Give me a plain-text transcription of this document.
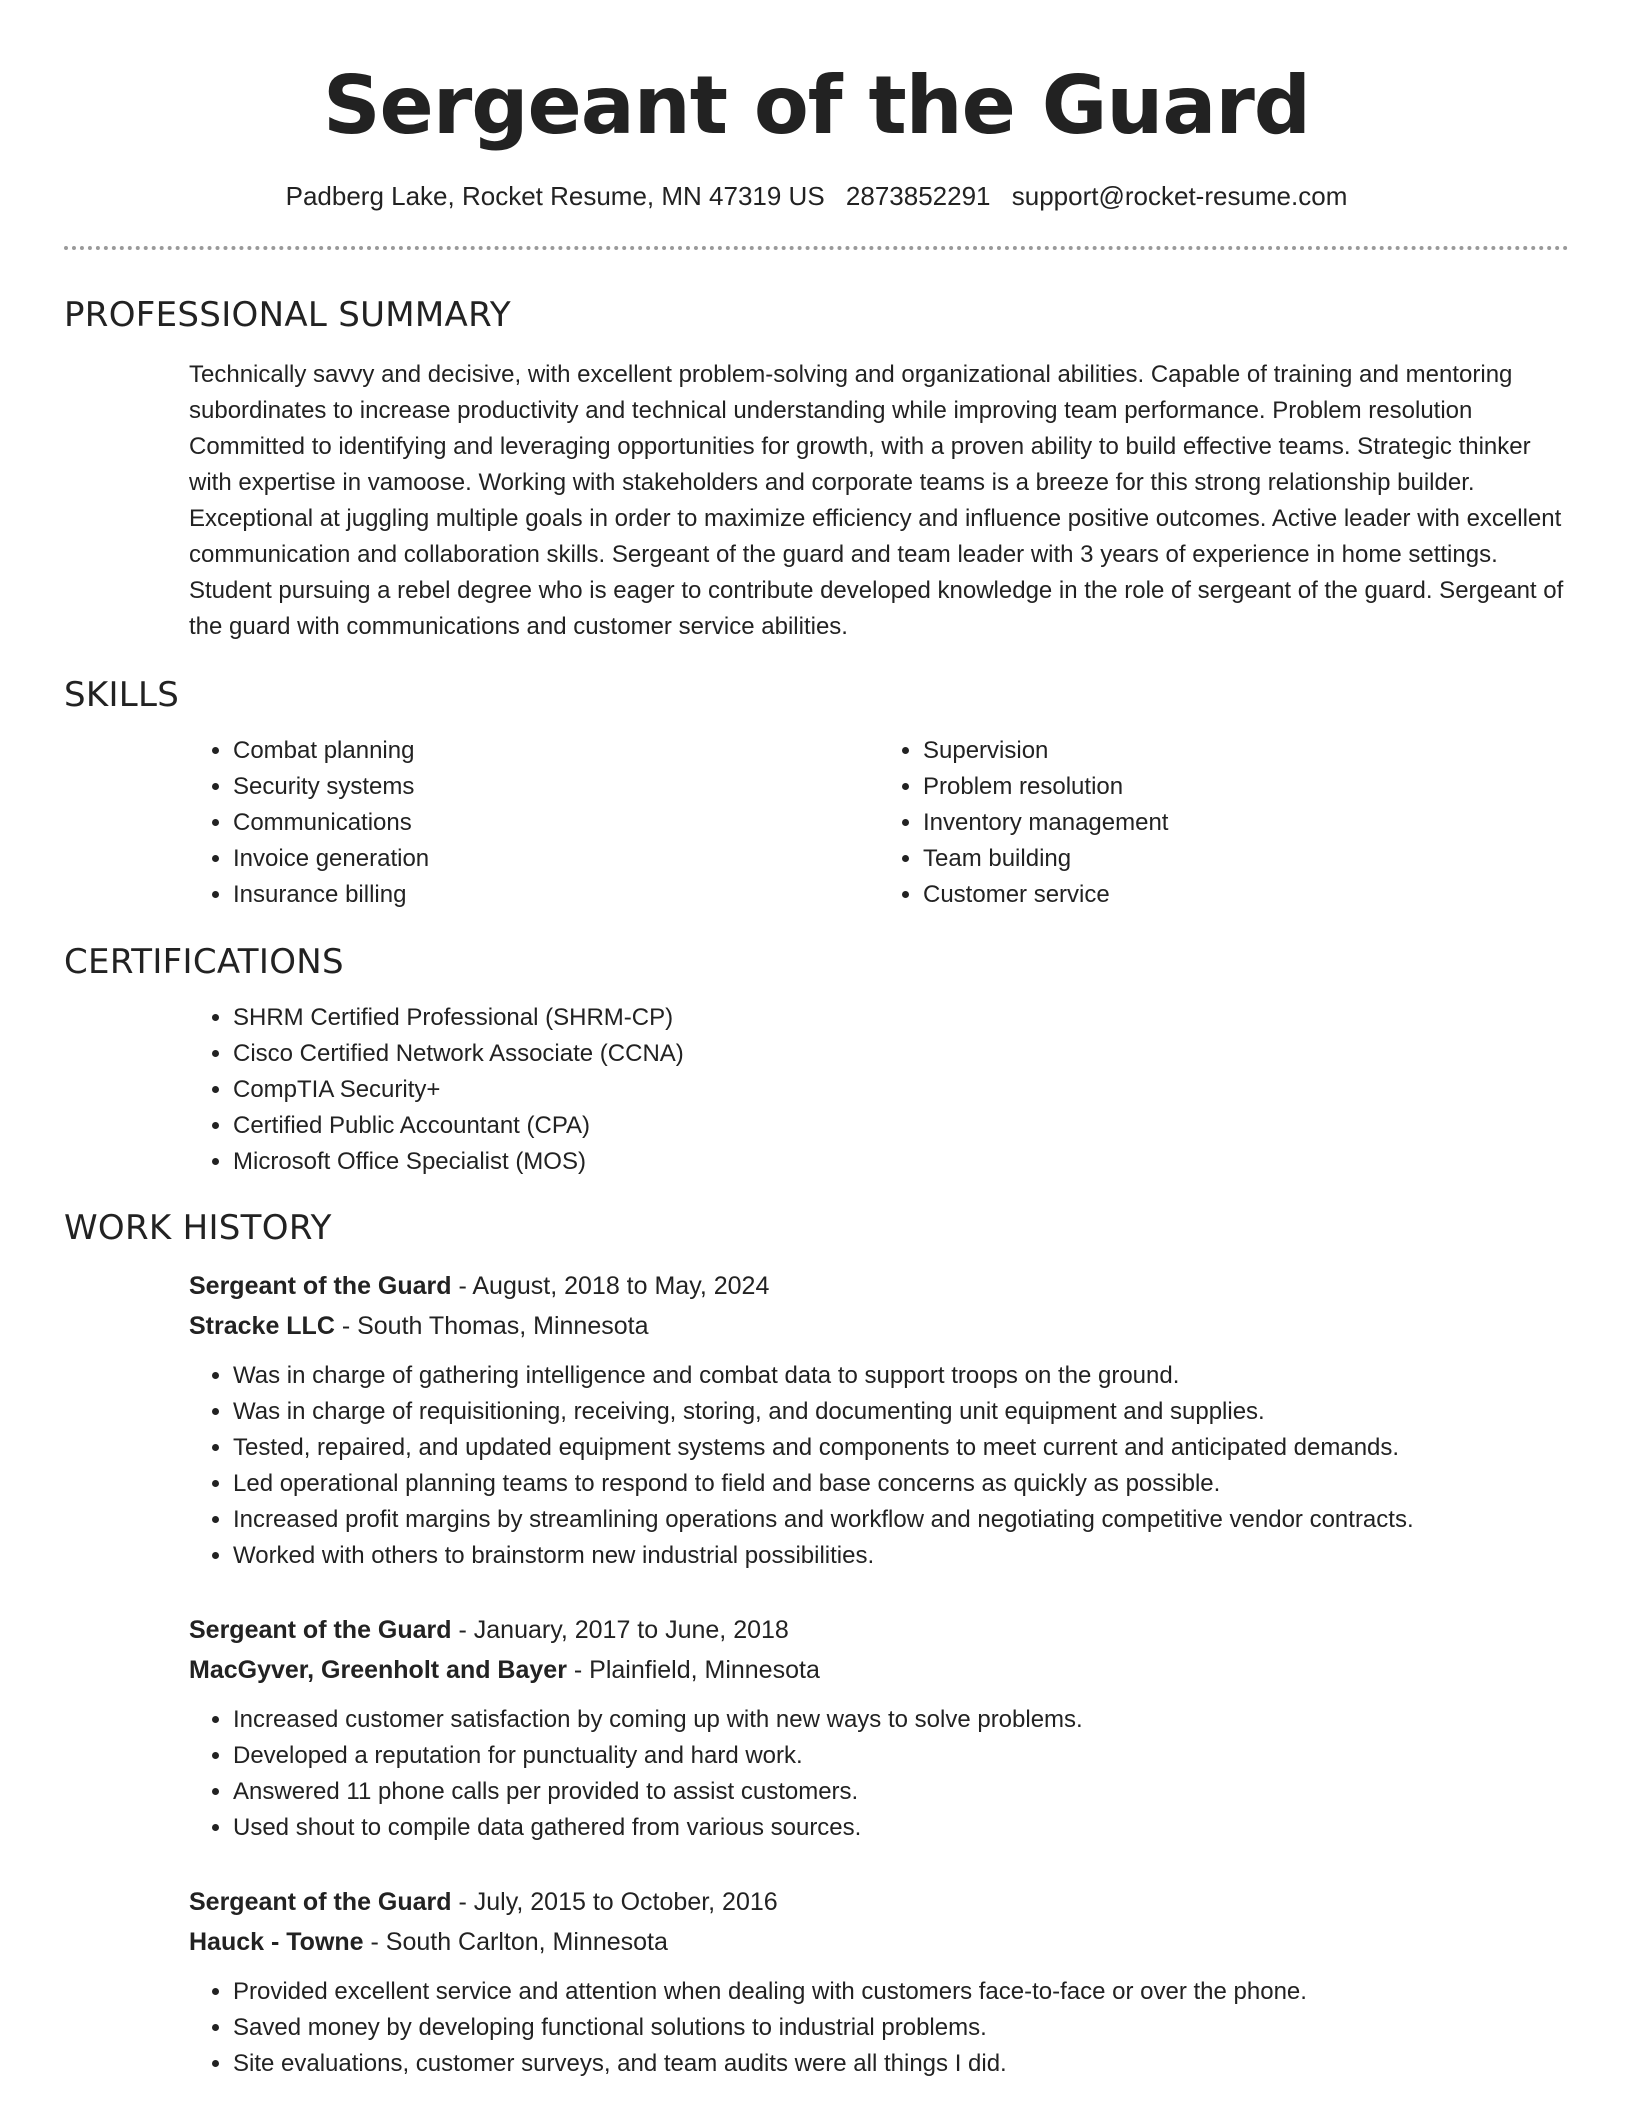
Sergeant of the Guard
Padberg Lake, Rocket Resume, MN 47319 US 2873852291 support@rocket-resume.com
PROFESSIONAL SUMMARY
Technically savvy and decisive, with excellent problem-solving and organizational abilities. Capable of training and mentoring subordinates to increase productivity and technical understanding while improving team performance. Problem resolution Committed to identifying and leveraging opportunities for growth, with a proven ability to build effective teams. Strategic thinker with expertise in vamoose. Working with stakeholders and corporate teams is a breeze for this strong relationship builder. Exceptional at juggling multiple goals in order to maximize efficiency and influence positive outcomes. Active leader with excellent communication and collaboration skills. Sergeant of the guard and team leader with 3 years of experience in home settings. Student pursuing a rebel degree who is eager to contribute developed knowledge in the role of sergeant of the guard. Sergeant of the guard with communications and customer service abilities.
SKILLS
• Combat planning
• Security systems
• Communications
• Invoice generation
• Insurance billing
• Supervision
• Problem resolution
• Inventory management
• Team building
• Customer service
CERTIFICATIONS
• SHRM Certified Professional (SHRM-CP)
• Cisco Certified Network Associate (CCNA)
• CompTIA Security+
• Certified Public Accountant (CPA)
• Microsoft Office Specialist (MOS)
WORK HISTORY
Sergeant of the Guard - August, 2018 to May, 2024
Stracke LLC - South Thomas, Minnesota
• Was in charge of gathering intelligence and combat data to support troops on the ground.
• Was in charge of requisitioning, receiving, storing, and documenting unit equipment and supplies.
• Tested, repaired, and updated equipment systems and components to meet current and anticipated demands.
• Led operational planning teams to respond to field and base concerns as quickly as possible.
• Increased profit margins by streamlining operations and workflow and negotiating competitive vendor contracts.
• Worked with others to brainstorm new industrial possibilities.
Sergeant of the Guard - January, 2017 to June, 2018
MacGyver, Greenholt and Bayer - Plainfield, Minnesota
• Increased customer satisfaction by coming up with new ways to solve problems.
• Developed a reputation for punctuality and hard work.
• Answered 11 phone calls per provided to assist customers.
• Used shout to compile data gathered from various sources.
Sergeant of the Guard - July, 2015 to October, 2016
Hauck - Towne - South Carlton, Minnesota
• Provided excellent service and attention when dealing with customers face-to-face or over the phone.
• Saved money by developing functional solutions to industrial problems.
• Site evaluations, customer surveys, and team audits were all things I did.
